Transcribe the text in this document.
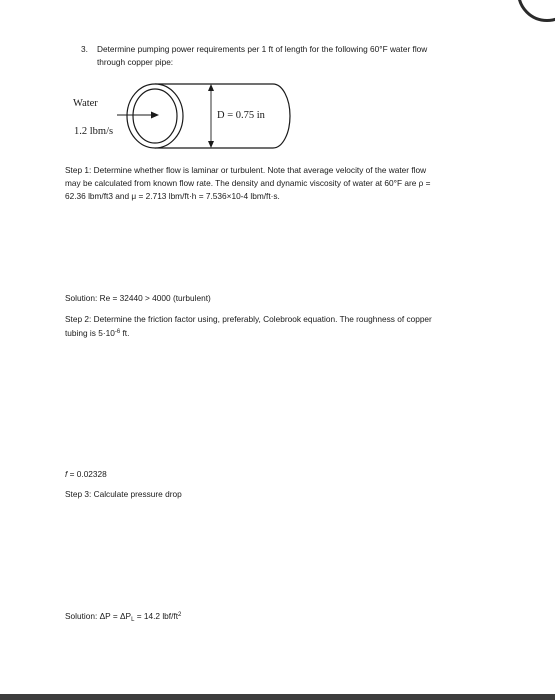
3. Determine pumping power requirements per 1 ft of length for the following 60°F water flow
through copper pipe:
Water
1.2 lbm/s
D = 0.75 in
Step 1: Determine whether flow is laminar or turbulent. Note that average velocity of the water flow
may be calculated from known flow rate. The density and dynamic viscosity of water at 60°F are ρ =
62.36 lbm/ft3 and μ = 2.713 lbm/ft·h = 7.536×10-4 lbm/ft·s.
Solution: Re = 32440 > 4000 (turbulent)
Step 2: Determine the friction factor using, preferably, Colebrook equation. The roughness of copper
tubing is $5\cdot 10^{-6}$ ft.
f = 0.02328
Step 3: Calculate pressure drop
Solution: $\Delta P = \Delta P_L = 14.2$ lbf/$ft^2$
